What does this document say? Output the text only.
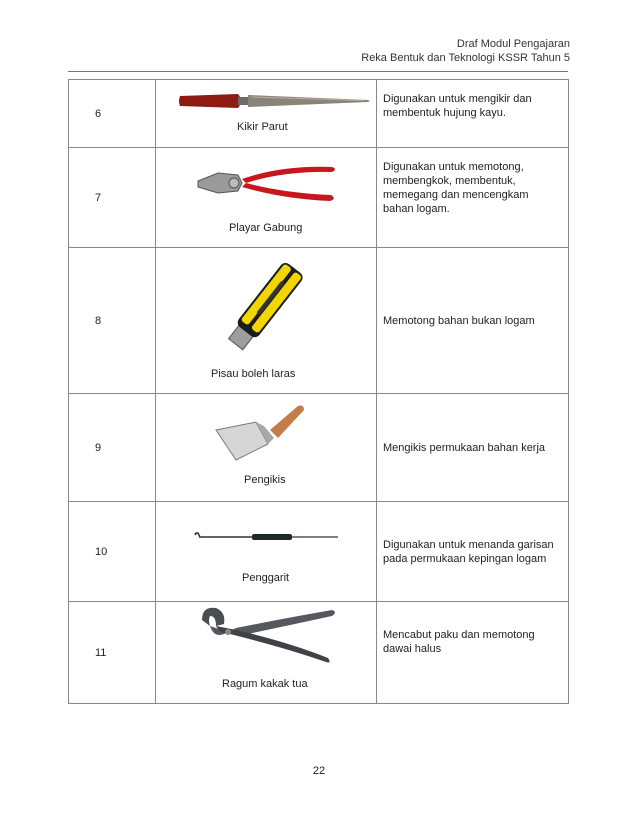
Draf Modul Pengajaran
Reka Bentuk dan Teknologi KSSR Tahun 5
6	Kikir Parut	Digunakan untuk mengikir dan membentuk hujung kayu.
7	Playar Gabung	Digunakan untuk memotong, membengkok, membentuk, memegang dan mencengkam bahan logam.
8	Pisau boleh laras	Memotong bahan bukan logam
9	Pengikis	Mengikis permukaan bahan kerja
10	Penggarit	Digunakan untuk menanda garisan pada permukaan kepingan logam
11	Ragum kakak tua	Mencabut paku dan memotong dawai halus
22
